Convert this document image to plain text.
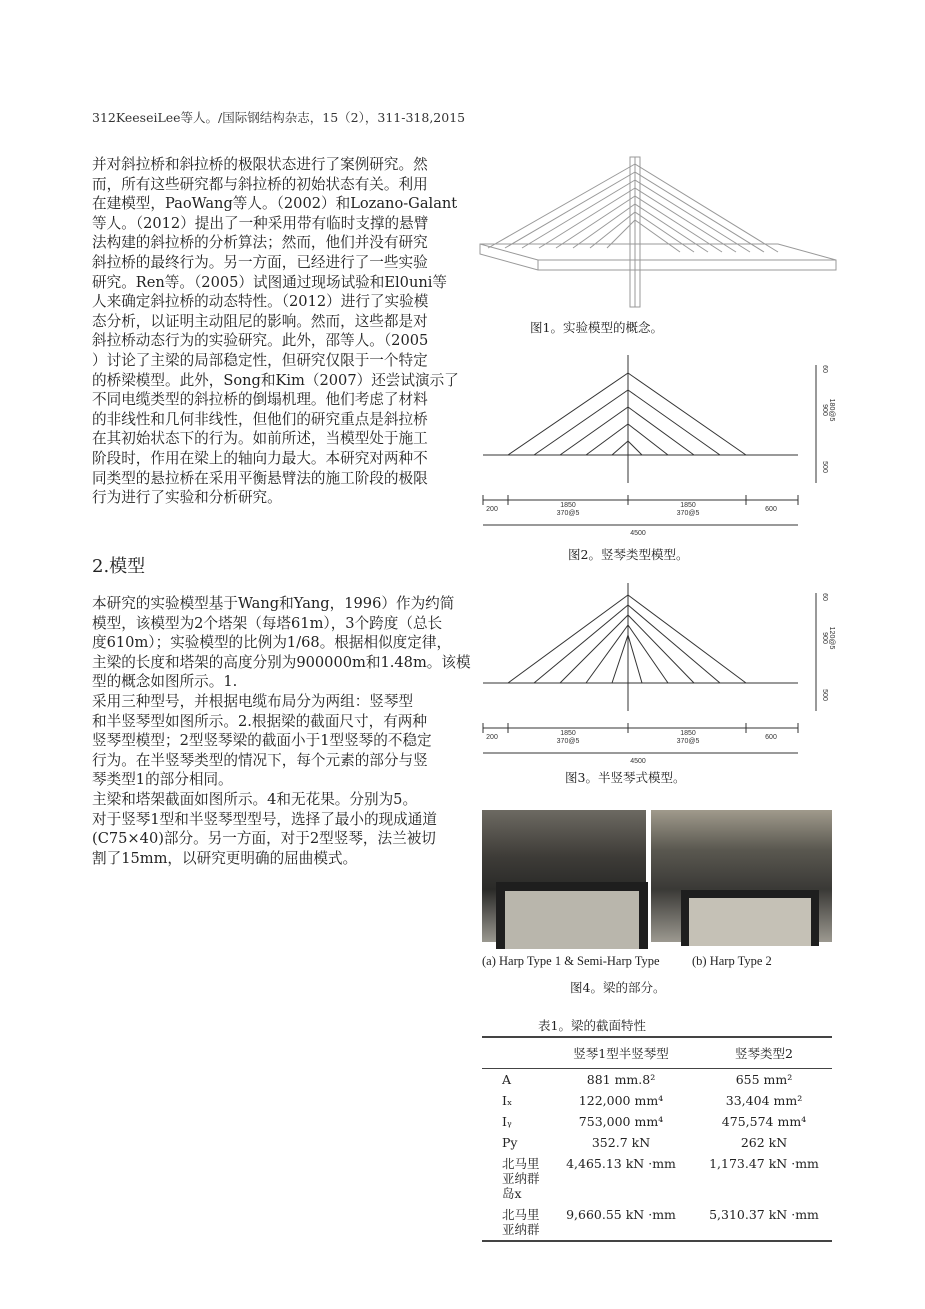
312KeeseiLee等人。/国际钢结构杂志，15（2），311-318,2015
并对斜拉桥和斜拉桥的极限状态进行了案例研究。然
而，所有这些研究都与斜拉桥的初始状态有关。利用
在建模型，PaoWang等人。（2002）和Lozano-Galant
等人。（2012）提出了一种采用带有临时支撑的悬臂
法构建的斜拉桥的分析算法；然而，他们并没有研究
斜拉桥的最终行为。另一方面，已经进行了一些实验
研究。Ren等。（2005）试图通过现场试验和El0uni等
人来确定斜拉桥的动态特性。（2012）进行了实验模
态分析，以证明主动阻尼的影响。然而，这些都是对
斜拉桥动态行为的实验研究。此外，邵等人。（2005
）讨论了主梁的局部稳定性，但研究仅限于一个特定
的桥梁模型。此外，Song和Kim（2007）还尝试演示了
不同电缆类型的斜拉桥的倒塌机理。他们考虑了材料
的非线性和几何非线性，但他们的研究重点是斜拉桥
在其初始状态下的行为。如前所述，当模型处于施工
阶段时，作用在梁上的轴向力最大。本研究对两种不
同类型的悬拉桥在采用平衡悬臂法的施工阶段的极限
行为进行了实验和分析研究。
2.模型
本研究的实验模型基于Wang和Yang，1996）作为约简
模型，该模型为2个塔架（每塔61m），3个跨度（总长
度610m）；实验模型的比例为1/68。根据相似度定律，
主梁的长度和塔架的高度分别为900000m和1.48m。该模
型的概念如图所示。1.
采用三种型号，并根据电缆布局分为两组：竖琴型
和半竖琴型如图所示。2.根据梁的截面尺寸，有两种
竖琴型模型；2型竖琴梁的截面小于1型竖琴的不稳定
行为。在半竖琴类型的情况下，每个元素的部分与竖
琴类型1的部分相同。
主梁和塔架截面如图所示。4和无花果。分别为5。
对于竖琴1型和半竖琴型型号，选择了最小的现成通道
(C75×40)部分。另一方面，对于2型竖琴，法兰被切
割了15mm，以研究更明确的屈曲模式。
图1。实验模型的概念。
200
1850
370@5
1850
370@5
600
4500
60
900 180@5
500
图2。竖琴类型模型。
200
1850
370@5
1850
370@5
600
4500
60
900 120@5
500
图3。半竖琴式模型。
(a) Harp Type 1 & Semi-Harp Type	(b) Harp Type 2
图4。梁的部分。
表1。梁的截面特性
	竖琴1型半竖琴型	竖琴类型2
A	881 mm.8²	655 mm²
Iₓ	122,000 mm⁴	33,404 mm²
Iᵧ	753,000 mm⁴	475,574 mm⁴
Py	352.7 kN	262 kN
北马里亚纳群岛x	4,465.13 kN ·mm	1,173.47 kN ·mm
北马里亚纳群	9,660.55 kN ·mm	5,310.37 kN ·mm
